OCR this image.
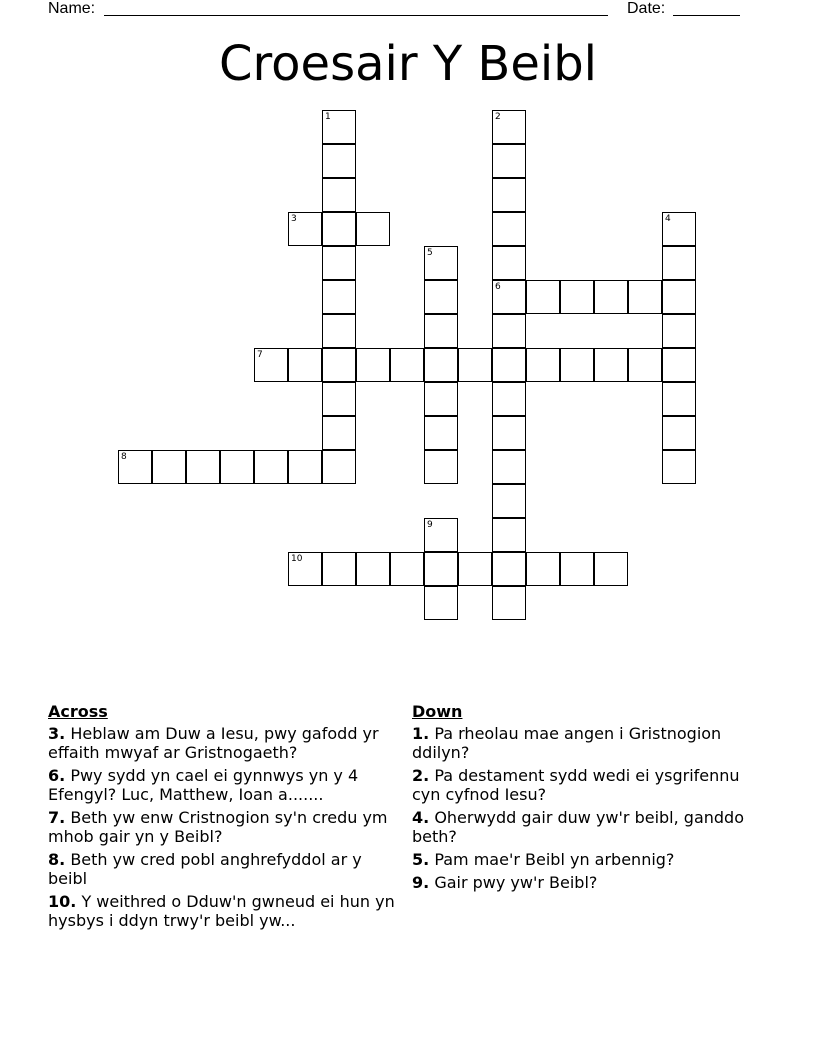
Name:	Date:
Croesair Y Beibl
1	2
6
3	4
5
7
8
9
10
Across
3. Heblaw am Duw a Iesu, pwy gafodd yr effaith mwyaf ar Gristnogaeth?
6. Pwy sydd yn cael ei gynnwys yn y 4 Efengyl? Luc, Matthew, Ioan a.......
7. Beth yw enw Cristnogion sy'n credu ym mhob gair yn y Beibl?
8. Beth yw cred pobl anghrefyddol ar y beibl
10. Y weithred o Dduw'n gwneud ei hun yn hysbys i ddyn trwy'r beibl yw...
Down
1. Pa rheolau mae angen i Gristnogion ddilyn?
2. Pa destament sydd wedi ei ysgrifennu cyn cyfnod Iesu?
4. Oherwydd gair duw yw'r beibl, ganddo beth?
5. Pam mae'r Beibl yn arbennig?
9. Gair pwy yw'r Beibl?
